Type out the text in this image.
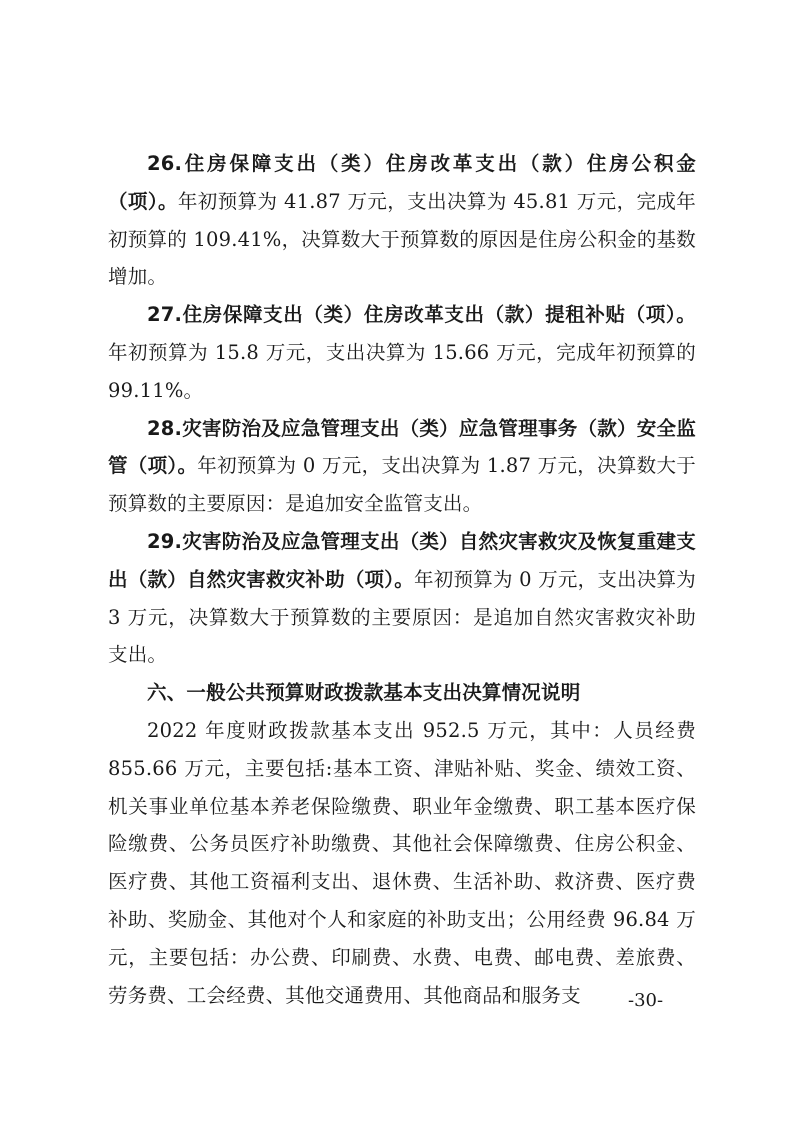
26.住房保障支出（类）住房改革支出（款）住房公积金（项）。年初预算为 41.87 万元，支出决算为 45.81 万元，完成年初预算的 109.41%，决算数大于预算数的原因是住房公积金的基数增加。

27.住房保障支出（类）住房改革支出（款）提租补贴（项）。年初预算为 15.8 万元，支出决算为 15.66 万元，完成年初预算的 99.11%。

28.灾害防治及应急管理支出（类）应急管理事务（款）安全监管（项）。年初预算为 0 万元，支出决算为 1.87 万元，决算数大于预算数的主要原因：是追加安全监管支出。

29.灾害防治及应急管理支出（类）自然灾害救灾及恢复重建支出（款）自然灾害救灾补助（项）。年初预算为 0 万元，支出决算为 3 万元，决算数大于预算数的主要原因：是追加自然灾害救灾补助支出。

六、一般公共预算财政拨款基本支出决算情况说明

2022 年度财政拨款基本支出 952.5 万元，其中：人员经费 855.66 万元，主要包括:基本工资、津贴补贴、奖金、绩效工资、机关事业单位基本养老保险缴费、职业年金缴费、职工基本医疗保险缴费、公务员医疗补助缴费、其他社会保障缴费、住房公积金、医疗费、其他工资福利支出、退休费、生活补助、救济费、医疗费补助、奖励金、其他对个人和家庭的补助支出；公用经费 96.84 万元，主要包括：办公费、印刷费、水费、电费、邮电费、差旅费、劳务费、工会经费、其他交通费用、其他商品和服务支	-30-
